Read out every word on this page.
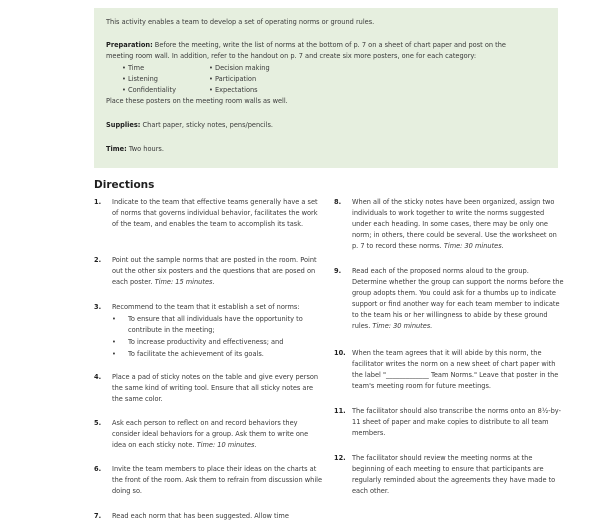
This activity enables a team to develop a set of operating norms or ground rules.
Preparation: Before the meeting, write the list of norms at the bottom of p. 7 on a sheet of chart paper and post on the
meeting room wall. In addition, refer to the handout on p. 7 and create six more posters, one for each category:
• Time	• Decision making
• Listening	• Participation
• Confidentiality	• Expectations
Place these posters on the meeting room walls as well.
Supplies: Chart paper, sticky notes, pens/pencils.
Time: Two hours.
Directions
1. Indicate to the team that effective teams generally have a set of norms that governs individual behavior, facilitates the work of the team, and enables the team to accomplish its task.
2. Point out the sample norms that are posted in the room. Point out the other six posters and the questions that are posed on each poster. Time: 15 minutes.
3. Recommend to the team that it establish a set of norms:
• To ensure that all individuals have the opportunity to
contribute in the meeting;
• To increase productivity and effectiveness; and
• To facilitate the achievement of its goals.
4. Place a pad of sticky notes on the table and give every person the same kind of writing tool. Ensure that all sticky notes are the same color.
5. Ask each person to reflect on and record behaviors they consider ideal behaviors for a group. Ask them to write one idea on each sticky note. Time: 10 minutes.
6. Invite the team members to place their ideas on the charts at the front of the room. Ask them to refrain from discussion while doing so.
7. Read each norm that has been suggested. Allow time
8. When all of the sticky notes have been organized, assign two individuals to work together to write the norms suggested under each heading. In some cases, there may be only one norm; in others, there could be several. Use the worksheet on p. 7 to record these norms. Time: 30 minutes.
9. Read each of the proposed norms aloud to the group. Determine whether the group can support the norms before the group adopts them. You could ask for a thumbs up to indicate support or find another way for each team member to indicate to the team his or her willingness to abide by these ground rules. Time: 30 minutes.
10. When the team agrees that it will abide by this norm, the facilitator writes the norm on a new sheet of chart paper with the label "_____________ Team Norms." Leave that poster in the team's meeting room for future meetings.
11. The facilitator should also transcribe the norms onto an 8½-by-11 sheet of paper and make copies to distribute to all team members.
12. The facilitator should review the meeting norms at the beginning of each meeting to ensure that participants are regularly reminded about the agreements they have made to each other.
